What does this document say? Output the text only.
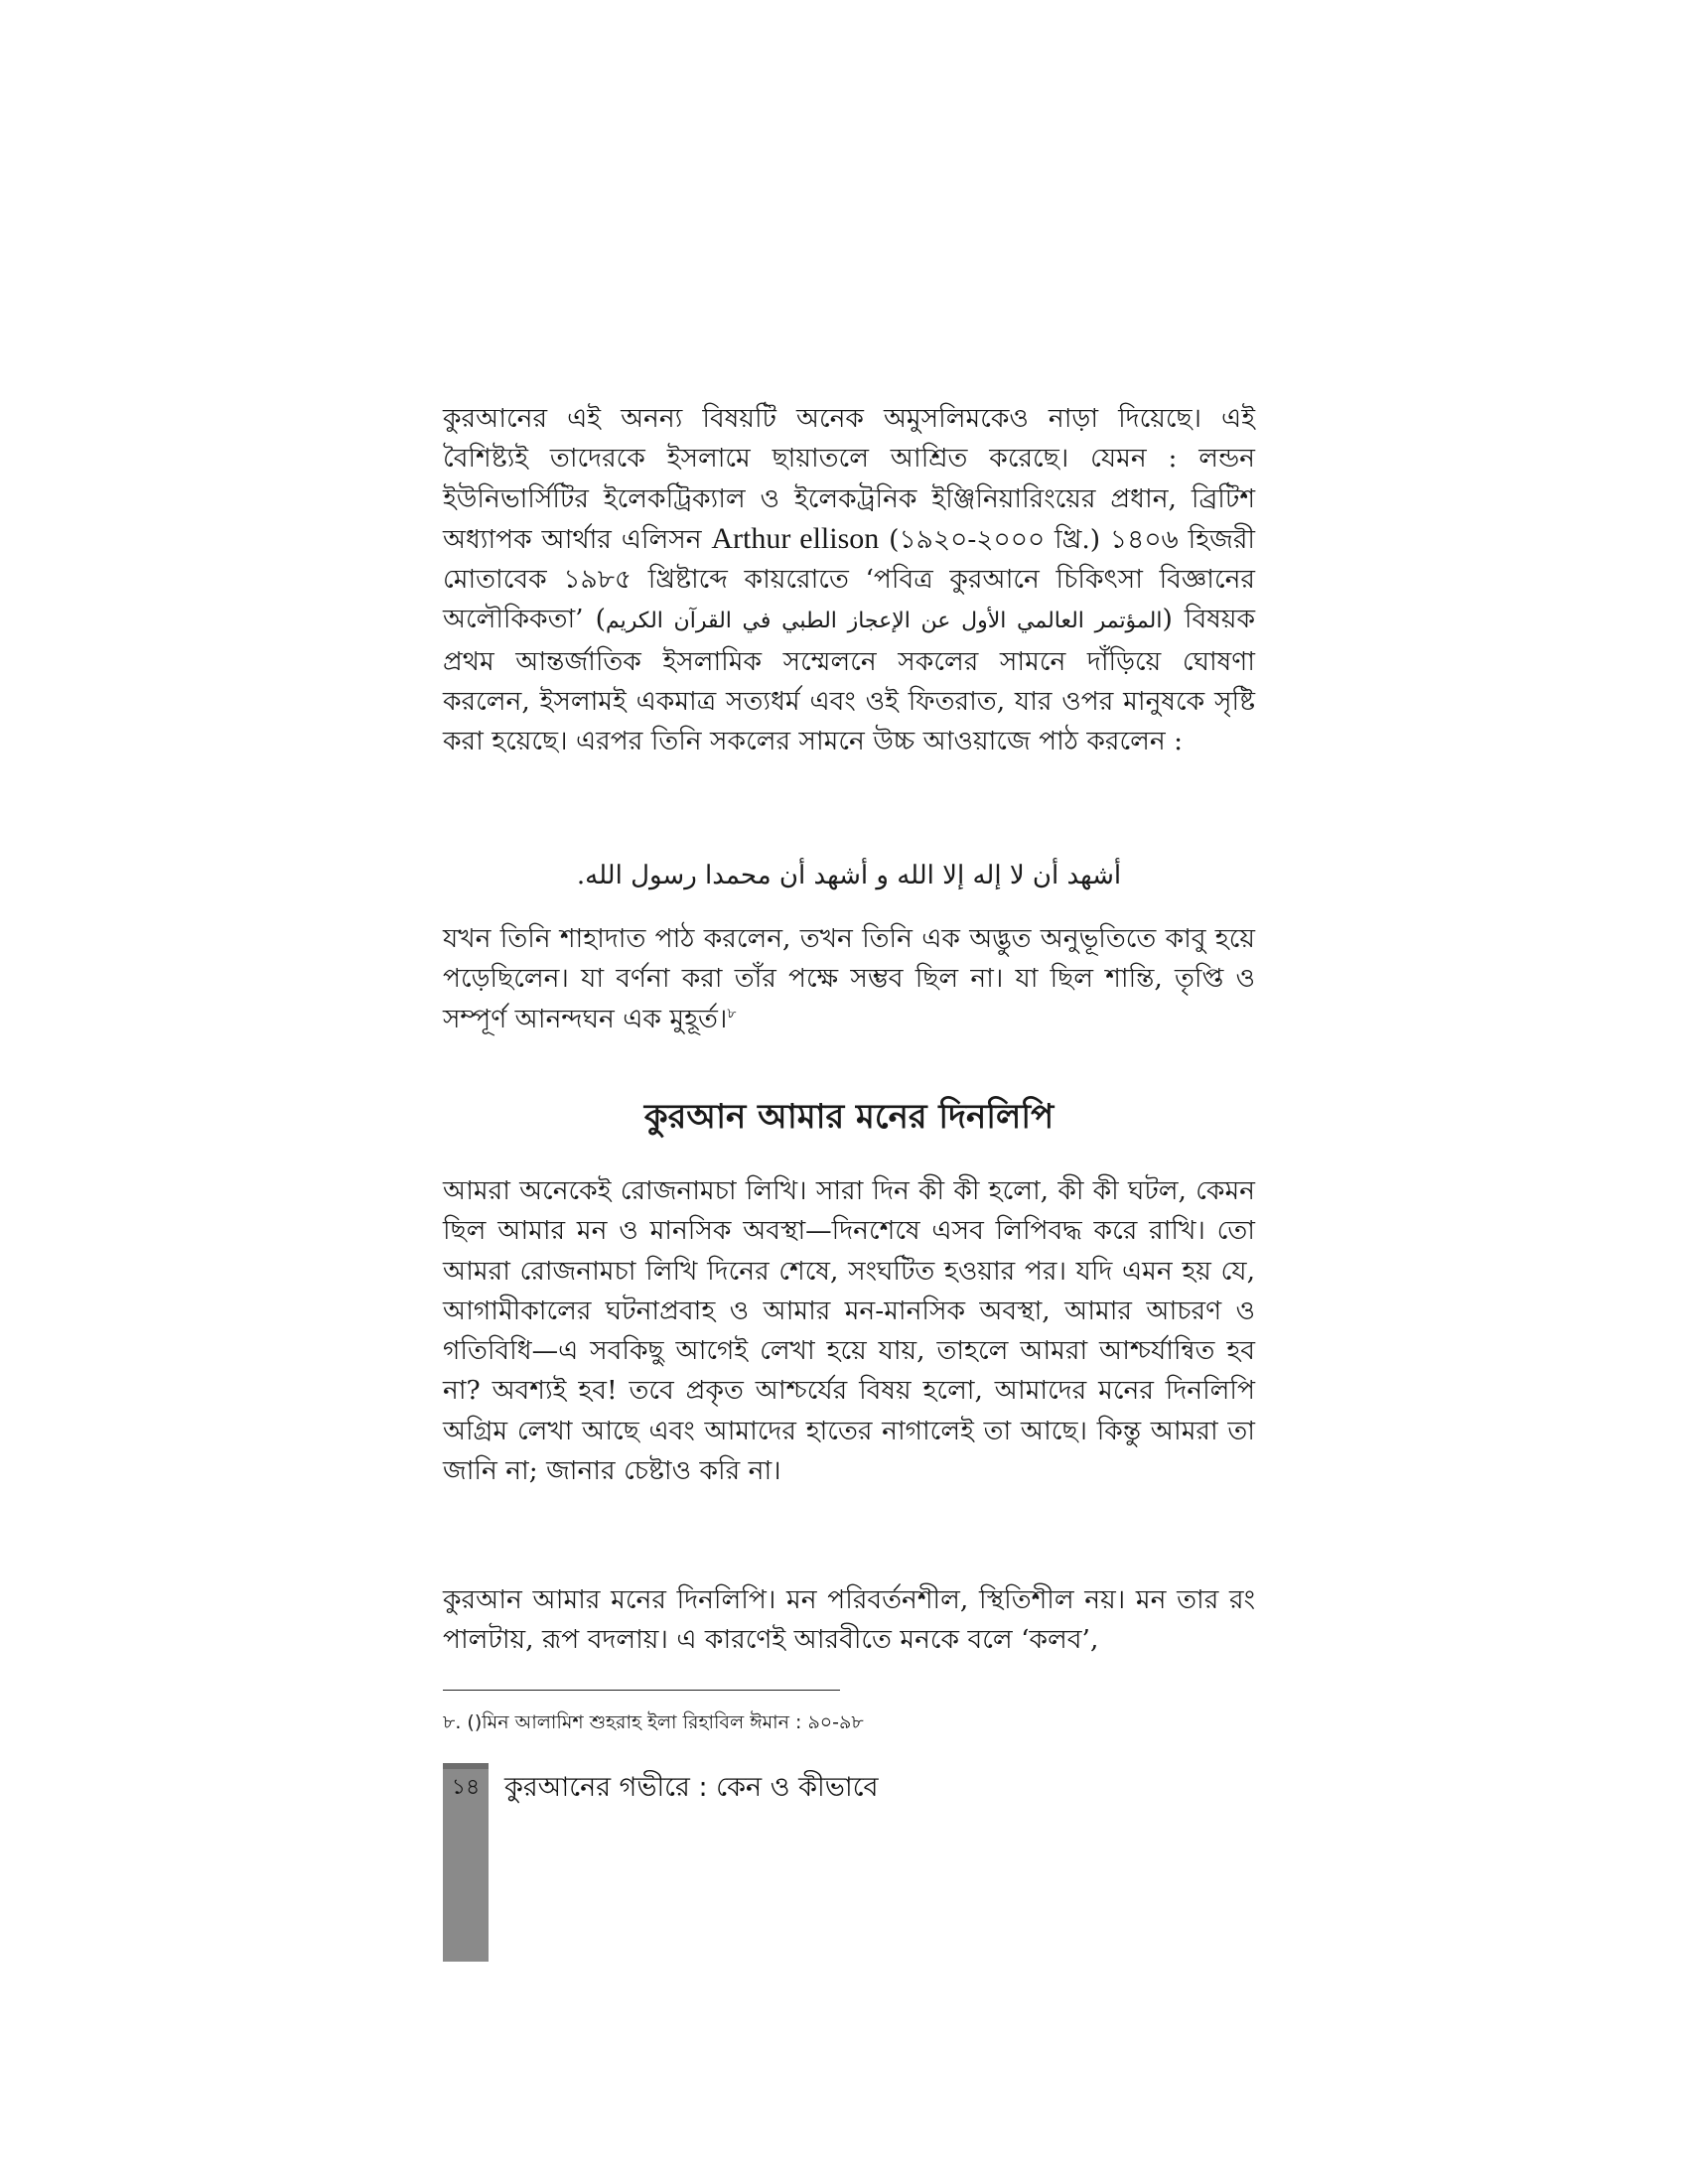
কুরআনের এই অনন্য বিষয়টি অনেক অমুসলিমকেও নাড়া দিয়েছে। এই বৈশিষ্ট্যই তাদেরকে ইসলামে ছায়াতলে আশ্রিত করেছে। যেমন : লন্ডন ইউনিভার্সিটির ইলেকট্রিক্যাল ও ইলেকট্রনিক ইঞ্জিনিয়ারিংয়ের প্রধান, ব্রিটিশ অধ্যাপক আর্থার এলিসন Arthur ellison (১৯২০-২০০০ খ্রি.) ১৪০৬ হিজরী মোতাবেক ১৯৮৫ খ্রিষ্টাব্দে কায়রোতে ‘পবিত্র কুরআনে চিকিৎসা বিজ্ঞানের অলৌকিকতা’ (المؤتمر العالمي الأول عن الإعجاز الطبي في القرآن الكريم) বিষয়ক প্রথম আন্তর্জাতিক ইসলামিক সম্মেলনে সকলের সামনে দাঁড়িয়ে ঘোষণা করলেন, ইসলামই একমাত্র সত্যধর্ম এবং ওই ফিতরাত, যার ওপর মানুষকে সৃষ্টি করা হয়েছে। এরপর তিনি সকলের সামনে উচ্চ আওয়াজে পাঠ করলেন :

أشهد أن لا إله إلا الله و أشهد أن محمدا رسول الله.

যখন তিনি শাহাদাত পাঠ করলেন, তখন তিনি এক অদ্ভুত অনুভূতিতে কাবু হয়ে পড়েছিলেন। যা বর্ণনা করা তাঁর পক্ষে সম্ভব ছিল না। যা ছিল শান্তি, তৃপ্তি ও সম্পূর্ণ আনন্দঘন এক মুহূর্ত।$^৮$

কুরআন আমার মনের দিনলিপি

আমরা অনেকেই রোজনামচা লিখি। সারা দিন কী কী হলো, কী কী ঘটল, কেমন ছিল আমার মন ও মানসিক অবস্থা—দিনশেষে এসব লিপিবদ্ধ করে রাখি। তো আমরা রোজনামচা লিখি দিনের শেষে, সংঘটিত হওয়ার পর। যদি এমন হয় যে, আগামীকালের ঘটনাপ্রবাহ ও আমার মন-মানসিক অবস্থা, আমার আচরণ ও গতিবিধি—এ সবকিছু আগেই লেখা হয়ে যায়, তাহলে আমরা আশ্চর্যান্বিত হব না? অবশ্যই হব! তবে প্রকৃত আশ্চর্যের বিষয় হলো, আমাদের মনের দিনলিপি অগ্রিম লেখা আছে এবং আমাদের হাতের নাগালেই তা আছে। কিন্তু আমরা তা জানি না; জানার চেষ্টাও করি না।

কুরআন আমার মনের দিনলিপি। মন পরিবর্তনশীল, স্থিতিশীল নয়। মন তার রং পালটায়, রূপ বদলায়। এ কারণেই আরবীতে মনকে বলে ‘কলব’,

৮. ()মিন আলামিশ শুহরাহ ইলা রিহাবিল ঈমান : ৯০-৯৮
১৪ কুরআনের গভীরে : কেন ও কীভাবে
